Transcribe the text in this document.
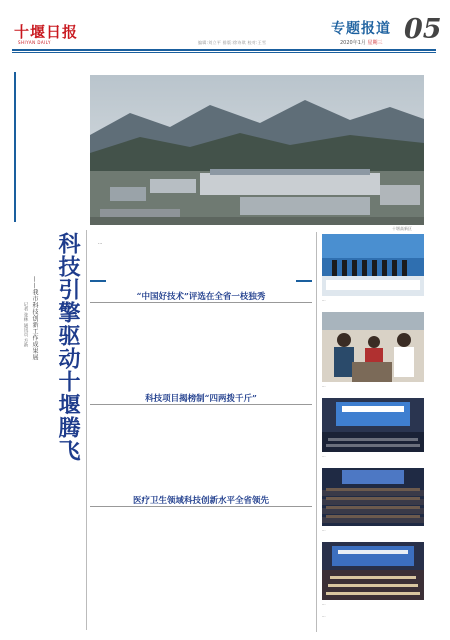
十堰日报
SHIYAN DAILY	编辑:刘立平 排版:徐诗琪 校对:王雪
专题报道 05
2020年1月 星期三
科技引擎驱动十堰腾飞
——我市科技创新工作成果展
记者 张林 通讯员 方新
十堰高新区
…
“中国好技术”评选在全省一枝独秀
科技项目揭榜制“四两拨千斤”
医疗卫生领域科技创新水平全省领先
…
…
…
…
…
…
